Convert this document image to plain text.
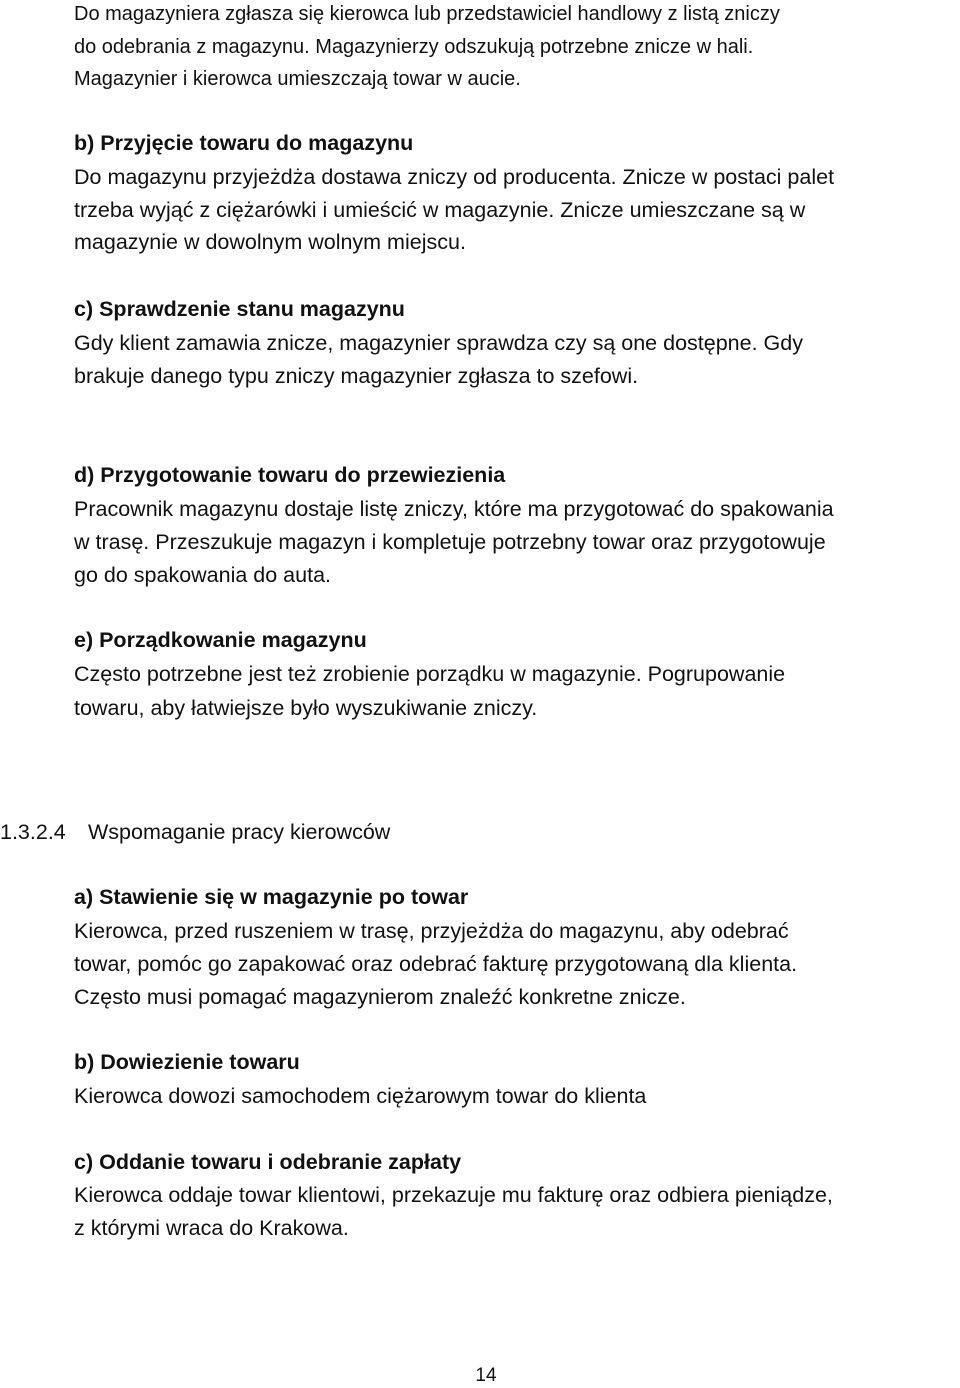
Do magazyniera zgłasza się kierowca lub przedstawiciel handlowy z listą zniczy
do odebrania z magazynu. Magazynierzy odszukują potrzebne znicze w hali.
Magazynier i kierowca umieszczają towar w aucie.
b) Przyjęcie towaru do magazynu
Do magazynu przyjeżdża dostawa zniczy od producenta. Znicze w postaci palet
trzeba wyjąć z ciężarówki i umieścić w magazynie. Znicze umieszczane są w
magazynie w dowolnym wolnym miejscu.
c) Sprawdzenie stanu magazynu
Gdy klient zamawia znicze, magazynier sprawdza czy są one dostępne. Gdy
brakuje danego typu zniczy magazynier zgłasza to szefowi.
d) Przygotowanie towaru do przewiezienia
Pracownik magazynu dostaje listę zniczy, które ma przygotować do spakowania
w trasę. Przeszukuje magazyn i kompletuje potrzebny towar oraz przygotowuje
go do spakowania do auta.
e) Porządkowanie magazynu
Często potrzebne jest też zrobienie porządku w magazynie. Pogrupowanie
towaru, aby łatwiejsze było wyszukiwanie zniczy.
1.3.2.4 Wspomaganie pracy kierowców
a) Stawienie się w magazynie po towar
Kierowca, przed ruszeniem w trasę, przyjeżdża do magazynu, aby odebrać
towar, pomóc go zapakować oraz odebrać fakturę przygotowaną dla klienta.
Często musi pomagać magazynierom znaleźć konkretne znicze.
b) Dowiezienie towaru
Kierowca dowozi samochodem ciężarowym towar do klienta
c) Oddanie towaru i odebranie zapłaty
Kierowca oddaje towar klientowi, przekazuje mu fakturę oraz odbiera pieniądze,
z którymi wraca do Krakowa.
14
